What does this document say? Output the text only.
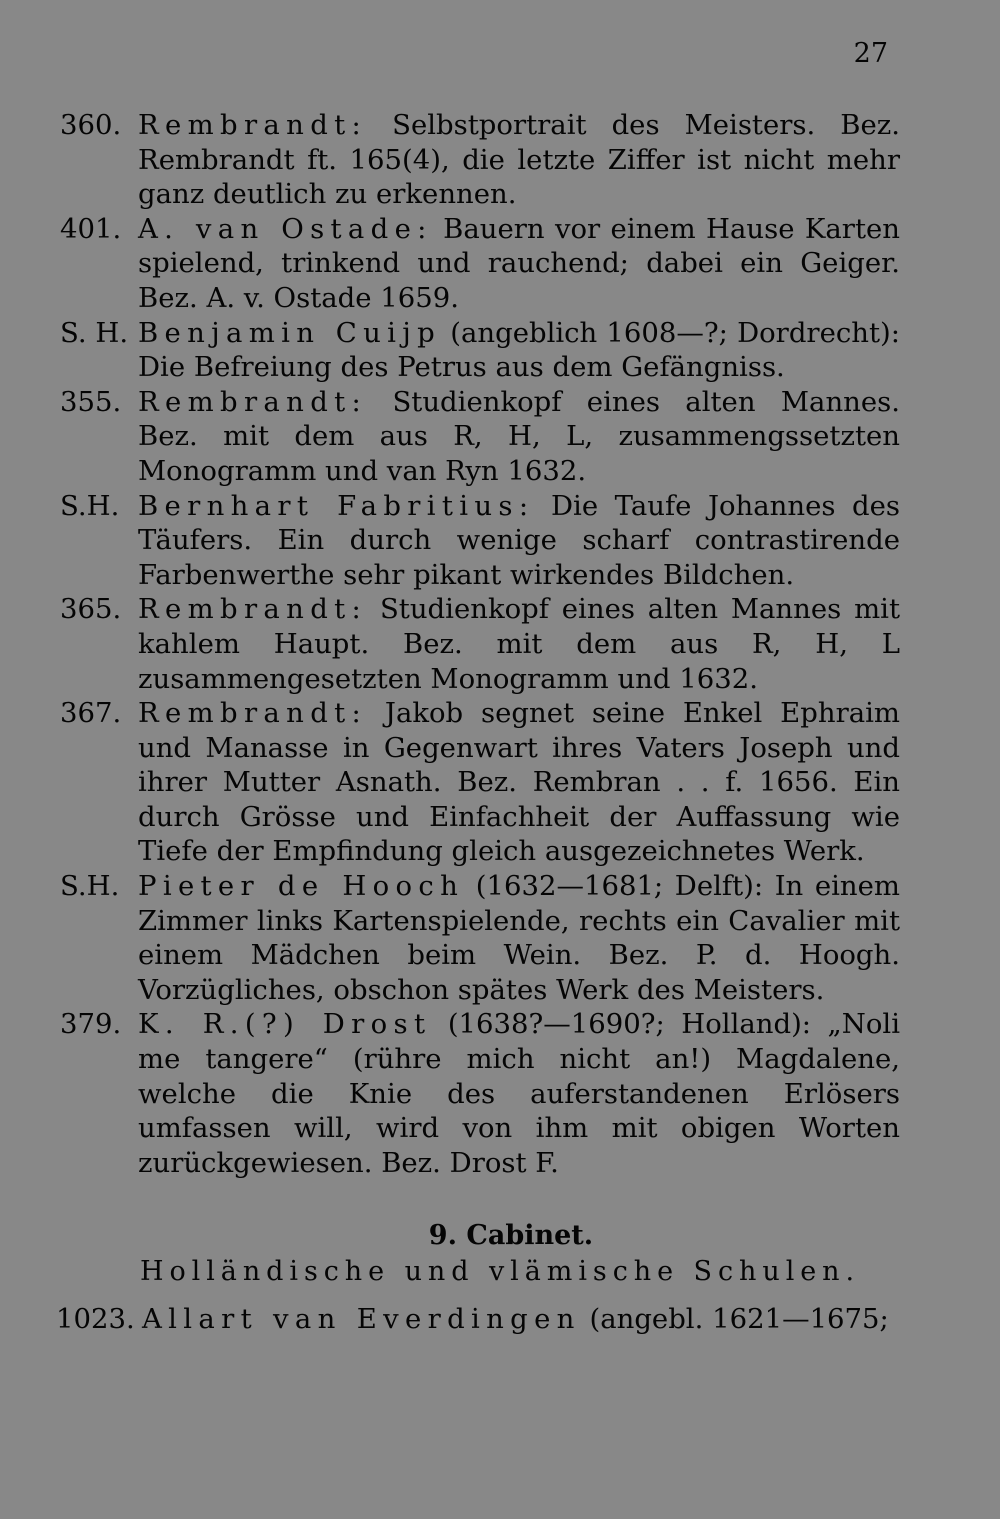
27
360. Rembrandt: Selbstportrait des Meisters. Bez. Rembrandt ft. 165(4), die letzte Ziffer ist nicht mehr ganz deutlich zu erkennen.
401. A. van Ostade: Bauern vor einem Hause Karten spielend, trinkend und rauchend; dabei ein Geiger. Bez. A. v. Ostade 1659.
S. H. Benjamin Cuijp (angeblich 1608—?; Dordrecht): Die Befreiung des Petrus aus dem Gefängniss.
355. Rembrandt: Studienkopf eines alten Mannes. Bez. mit dem aus R, H, L, zusammengssetzten Monogramm und van Ryn 1632.
S.H. Bernhart Fabritius: Die Taufe Johannes des Täufers. Ein durch wenige scharf contrastirende Farbenwerthe sehr pikant wirkendes Bildchen.
365. Rembrandt: Studienkopf eines alten Mannes mit kahlem Haupt. Bez. mit dem aus R, H, L zusammengesetzten Monogramm und 1632.
367. Rembrandt: Jakob segnet seine Enkel Ephraim und Manasse in Gegenwart ihres Vaters Joseph und ihrer Mutter Asnath. Bez. Rembran . . f. 1656. Ein durch Grösse und Einfachheit der Auffassung wie Tiefe der Empfindung gleich ausgezeichnetes Werk.
S.H. Pieter de Hooch (1632—1681; Delft): In einem Zimmer links Kartenspielende, rechts ein Cavalier mit einem Mädchen beim Wein. Bez. P. d. Hoogh. Vorzügliches, obschon spätes Werk des Meisters.
379. K. R.(?) Drost (1638?—1690?; Holland): „Noli me tangere“ (rühre mich nicht an!) Magdalene, welche die Knie des auferstandenen Erlösers umfassen will, wird von ihm mit obigen Worten zurückgewiesen. Bez. Drost F.
9. Cabinet.
Holländische und vlämische Schulen.
1023. Allart van Everdingen (angebl. 1621—1675;
